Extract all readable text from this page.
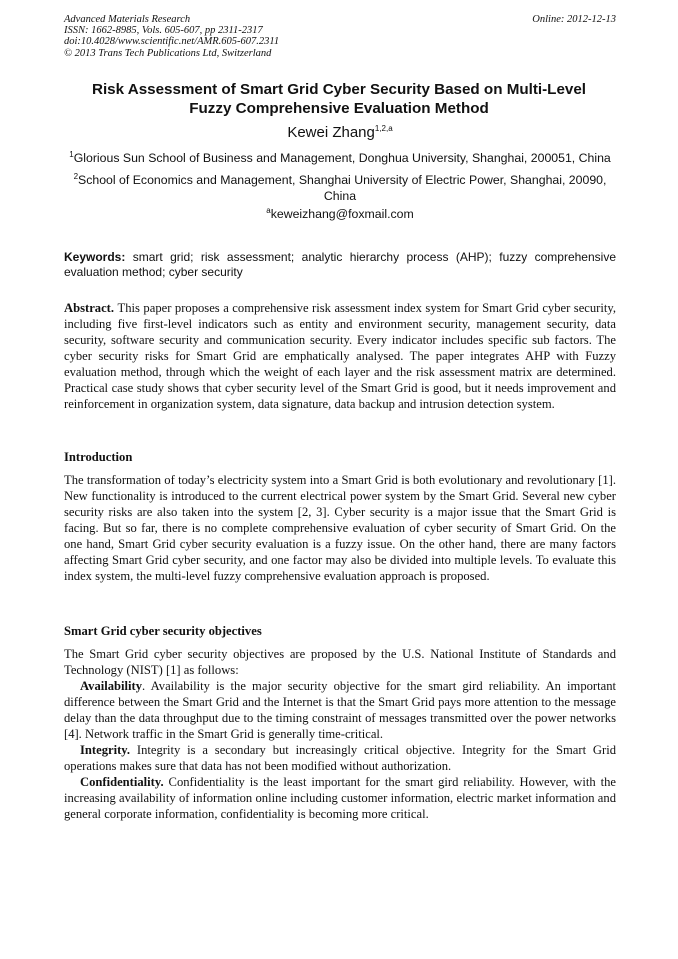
Advanced Materials Research
ISSN: 1662-8985, Vols. 605-607, pp 2311-2317
doi:10.4028/www.scientific.net/AMR.605-607.2311
© 2013 Trans Tech Publications Ltd, Switzerland
Online: 2012-12-13
Risk Assessment of Smart Grid Cyber Security Based on Multi-Level
Fuzzy Comprehensive Evaluation Method
Kewei Zhang$^{1,2,a}$
$^1$Glorious Sun School of Business and Management, Donghua University, Shanghai, 200051, China
$^2$School of Economics and Management, Shanghai University of Electric Power, Shanghai, 20090, China
$^a$keweizhang@foxmail.com
Keywords: smart grid; risk assessment; analytic hierarchy process (AHP); fuzzy comprehensive evaluation method; cyber security
Abstract. This paper proposes a comprehensive risk assessment index system for Smart Grid cyber security, including five first-level indicators such as entity and environment security, management security, data security, software security and communication security. Every indicator includes specific sub factors. The cyber security risks for Smart Grid are emphatically analysed. The paper integrates AHP with Fuzzy evaluation method, through which the weight of each layer and the risk assessment matrix are determined. Practical case study shows that cyber security level of the Smart Grid is good, but it needs improvement and reinforcement in organization system, data signature, data backup and intrusion detection system.
Introduction
The transformation of today’s electricity system into a Smart Grid is both evolutionary and revolutionary [1]. New functionality is introduced to the current electrical power system by the Smart Grid. Several new cyber security risks are also taken into the system [2, 3]. Cyber security is a major issue that the Smart Grid is facing. But so far, there is no complete comprehensive evaluation of cyber security of Smart Grid. On the one hand, Smart Grid cyber security evaluation is a fuzzy issue. On the other hand, there are many factors affecting Smart Grid cyber security, and one factor may also be divided into multiple levels. To evaluate this index system, the multi-level fuzzy comprehensive evaluation approach is proposed.
Smart Grid cyber security objectives

The Smart Grid cyber security objectives are proposed by the U.S. National Institute of Standards and Technology (NIST) [1] as follows:

Availability. Availability is the major security objective for the smart gird reliability. An important difference between the Smart Grid and the Internet is that the Smart Grid pays more attention to the message delay than the data throughput due to the timing constraint of messages transmitted over the power networks [4]. Network traffic in the Smart Grid is generally time-critical.

Integrity. Integrity is a secondary but increasingly critical objective. Integrity for the Smart Grid operations makes sure that data has not been modified without authorization.

Confidentiality. Confidentiality is the least important for the smart gird reliability. However, with the increasing availability of information online including customer information, electric market information and general corporate information, confidentiality is becoming more critical.
